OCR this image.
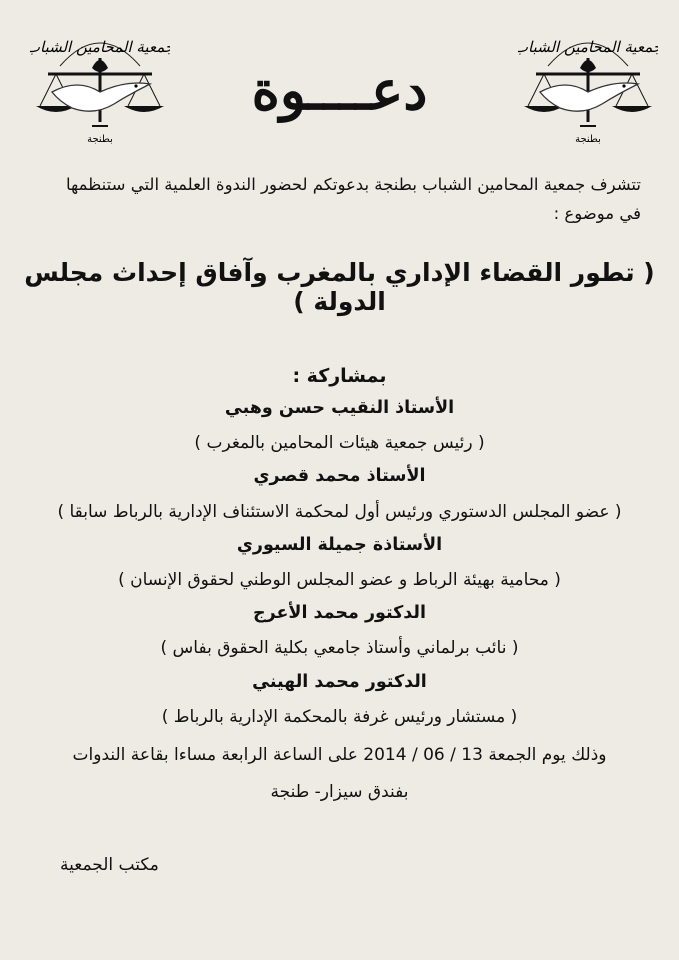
جمعية المحامين الشباب
بطنجة
جمعية المحامين الشباب
بطنجة
دعــــوة
تتشرف جمعية المحامين الشباب بطنجة بدعوتكم لحضور الندوة العلمية التي ستنظمها
في موضوع :
( تطور القضاء الإداري بالمغرب وآفاق إحداث مجلس الدولة )
بمشاركة :
الأستاذ النقيب حسن وهبي
( رئيس جمعية هيئات المحامين بالمغرب )
الأستاذ محمد قصري
( عضو المجلس الدستوري ورئيس أول لمحكمة الاستئناف الإدارية بالرباط سابقا )
الأستاذة جميلة السيوري
( محامية بهيئة الرباط و عضو المجلس الوطني لحقوق الإنسان )
الدكتور محمد الأعرج
( نائب برلماني وأستاذ جامعي بكلية الحقوق بفاس )
الدكتور محمد الهيني
( مستشار ورئيس غرفة بالمحكمة الإدارية بالرباط )
وذلك يوم الجمعة 13 / 06 / 2014 على الساعة الرابعة مساءا بقاعة الندوات
بفندق سيزار- طنجة
مكتب الجمعية
